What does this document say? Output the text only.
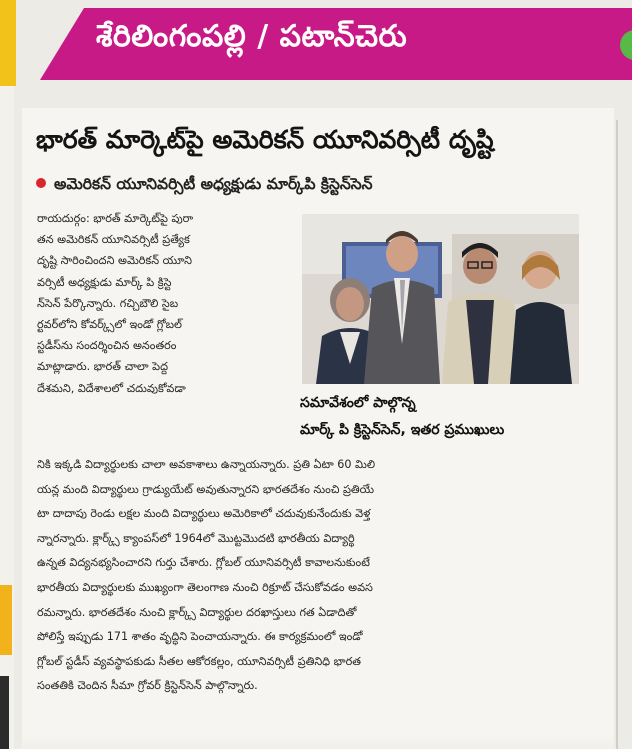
శేరిలింగంపల్లి / పటాన్‌చెరు
భారత్ మార్కెట్‌పై అమెరికన్ యూనివర్సిటీ దృష్టి
అమెరికన్ యూనివర్సిటీ అధ్యక్షుడు మార్క్‌పి క్రిస్టెన్‌సెన్
సమావేశంలో పాల్గొన్న
మార్క్ పి క్రిస్టెన్‌సెన్, ఇతర ప్రముఖులు
రాయదుర్గం: భారత్ మార్కెట్‌పై పురా
తన అమెరికన్ యూనివర్సిటీ ప్రత్యేక
దృష్టి సారించిందని అమెరికన్ యూని
వర్సిటీ అధ్యక్షుడు మార్క్ పి క్రిస్టె
న్‌సెన్ పేర్కొన్నారు. గచ్చిబౌలి సైబ
ర్టవర్‌లోని కోవర్క్స్‌లో ఇండో గ్లోబల్
స్టడీస్‌ను సందర్శించిన అనంతరం
మాట్లాడారు. భారత్ చాలా పెద్ద
దేశమని, విదేశాలలో చదువుకోవడా
నికి ఇక్కడి విద్యార్థులకు చాలా అవకాశాలు ఉన్నాయన్నారు. ప్రతి ఏటా 60 మిలి
యన్ల మంది విద్యార్థులు గ్రాడ్యుయేట్ అవుతున్నారని భారతదేశం నుంచి ప్రతియే
టా దాదాపు రెండు లక్షల మంది విద్యార్థులు అమెరికాలో చదువుకునేందుకు వెళ్త
న్నారన్నారు. క్లార్క్స్ క్యాంపస్‌లో 1964లో మొట్టమొదటి భారతీయ విద్యార్థి
ఉన్నత విద్యనభ్యసించారని గుర్తు చేశారు. గ్లోబల్ యూనివర్సిటీ కావాలనుకుంటే
భారతీయ విద్యార్థులకు ముఖ్యంగా తెలంగాణ నుంచి రిక్రూట్ చేసుకోవడం అవస
రమన్నారు. భారతదేశం నుంచి క్లార్క్స్ విద్యార్థుల దరఖాస్తులు గత ఏడాదితో
పోలిస్తే ఇప్పుడు 171 శాతం వృద్ధిని పెంచాయన్నారు. ఈ కార్యక్రమంలో ఇండో
గ్లోబల్ స్టడీస్ వ్యవస్థాపకుడు సీతల ఆకోరకల్లం, యూనివర్సిటీ ప్రతినిధి భారత
సంతతికి చెందిన సీమా గ్రోవర్ క్రిస్టెన్‌సెన్ పాల్గొన్నారు.
